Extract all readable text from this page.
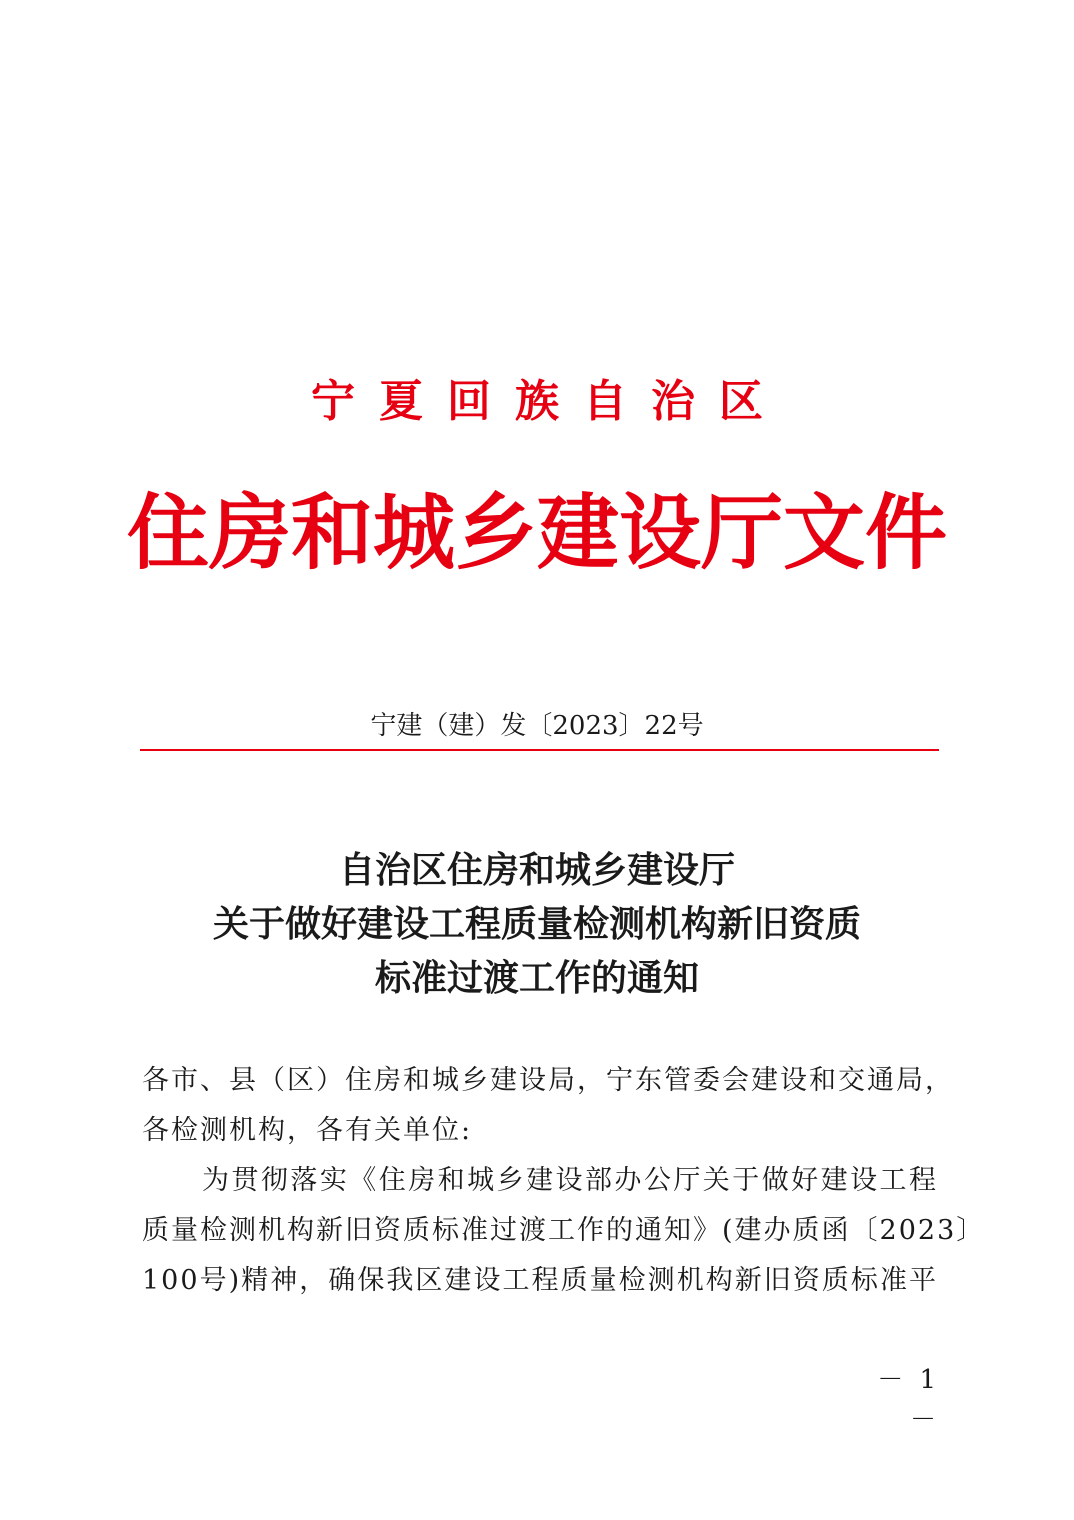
宁夏回族自治区
住房和城乡建设厅文件
宁建（建）发〔2023〕22号
自治区住房和城乡建设厅
关于做好建设工程质量检测机构新旧资质
标准过渡工作的通知
各市、县（区）住房和城乡建设局，宁东管委会建设和交通局，
各检测机构，各有关单位:
为贯彻落实《住房和城乡建设部办公厅关于做好建设工程
质量检测机构新旧资质标准过渡工作的通知》(建办质函〔2023〕
100号)精神，确保我区建设工程质量检测机构新旧资质标准平
－ 1 －
